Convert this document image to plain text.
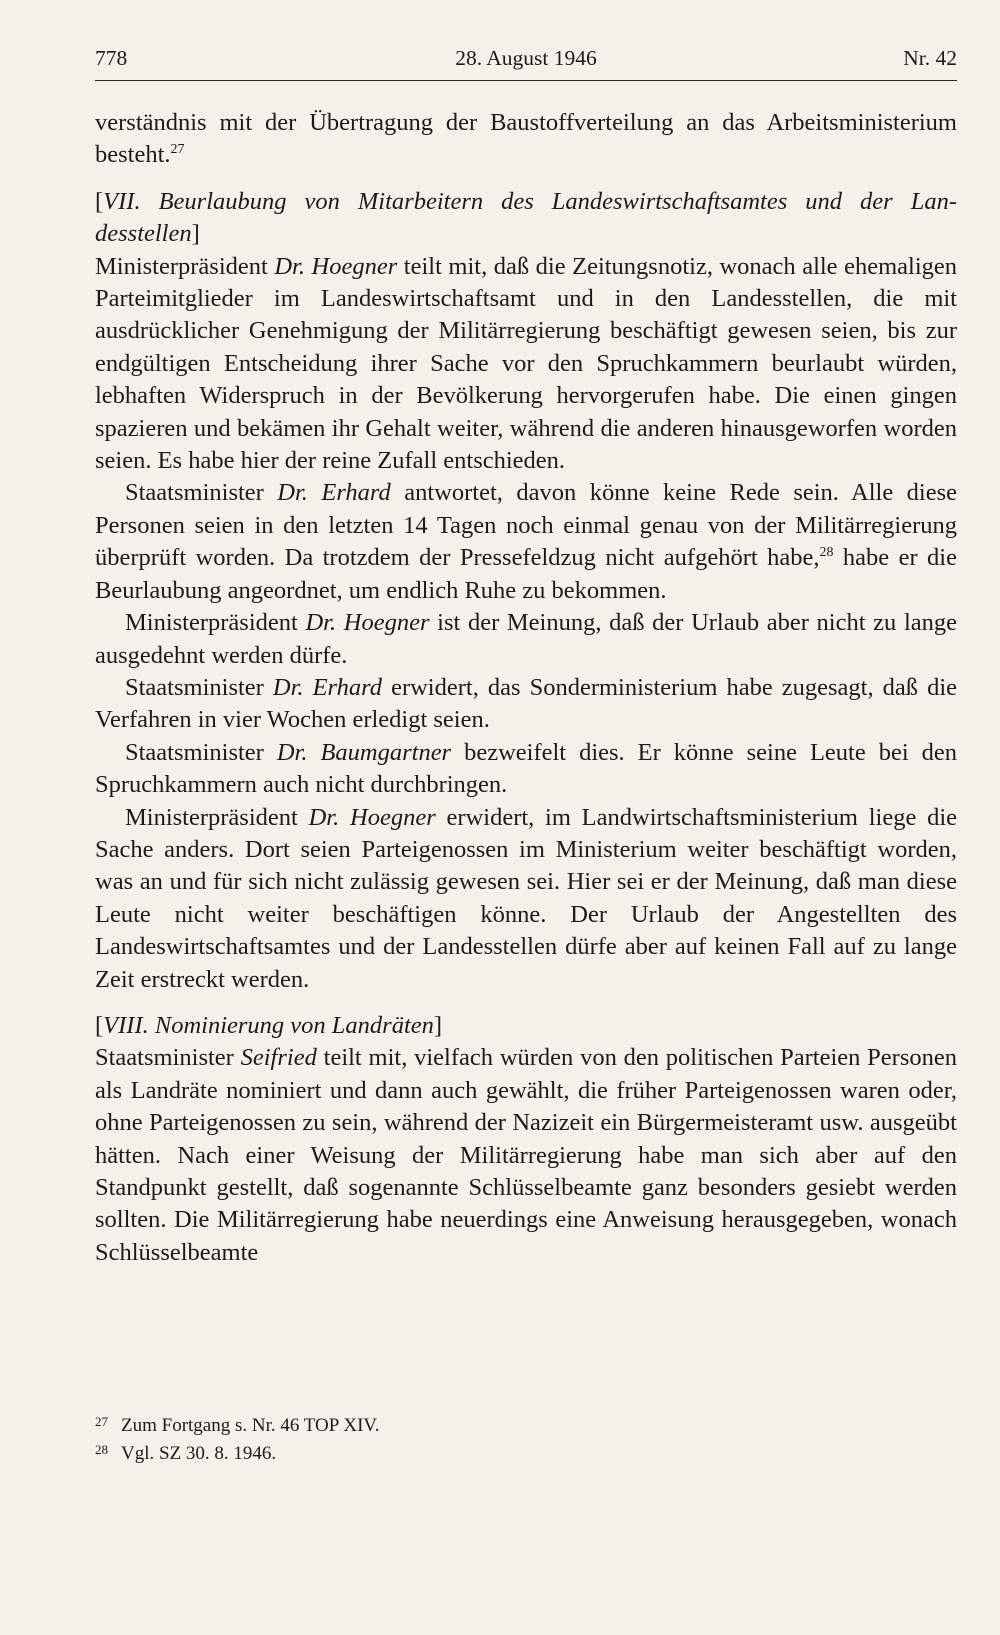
778	28. August 1946	Nr. 42

verständnis mit der Übertragung der Baustoffverteilung an das Arbeitsministerium besteht.$^{27}$

[VII. Beurlaubung von Mitarbeitern des Landeswirtschaftsamtes und der Landesstellen]

Ministerpräsident Dr. Hoegner teilt mit, daß die Zeitungsnotiz, wonach alle ehemaligen Parteimitglieder im Landeswirtschaftsamt und in den Landesstellen, die mit ausdrücklicher Genehmigung der Militärregierung beschäftigt gewesen seien, bis zur endgültigen Entscheidung ihrer Sache vor den Spruchkammern beurlaubt würden, lebhaften Widerspruch in der Bevölkerung hervorgerufen habe. Die einen gingen spazieren und bekämen ihr Gehalt weiter, während die anderen hinausgeworfen worden seien. Es habe hier der reine Zufall entschieden.

Staatsminister Dr. Erhard antwortet, davon könne keine Rede sein. Alle diese Personen seien in den letzten 14 Tagen noch einmal genau von der Militärregierung überprüft worden. Da trotzdem der Pressefeldzug nicht aufgehört habe,$^{28}$ habe er die Beurlaubung angeordnet, um endlich Ruhe zu bekommen.

Ministerpräsident Dr. Hoegner ist der Meinung, daß der Urlaub aber nicht zu lange ausgedehnt werden dürfe.

Staatsminister Dr. Erhard erwidert, das Sonderministerium habe zugesagt, daß die Verfahren in vier Wochen erledigt seien.

Staatsminister Dr. Baumgartner bezweifelt dies. Er könne seine Leute bei den Spruchkammern auch nicht durchbringen.

Ministerpräsident Dr. Hoegner erwidert, im Landwirtschaftsministerium liege die Sache anders. Dort seien Parteigenossen im Ministerium weiter beschäftigt worden, was an und für sich nicht zulässig gewesen sei. Hier sei er der Meinung, daß man diese Leute nicht weiter beschäftigen könne. Der Urlaub der Angestellten des Landeswirtschaftsamtes und der Landesstellen dürfe aber auf keinen Fall auf zu lange Zeit erstreckt werden.

[VIII. Nominierung von Landräten]

Staatsminister Seifried teilt mit, vielfach würden von den politischen Parteien Personen als Landräte nominiert und dann auch gewählt, die früher Parteigenossen waren oder, ohne Parteigenossen zu sein, während der Nazizeit ein Bürgermeisteramt usw. ausgeübt hätten. Nach einer Weisung der Militärregierung habe man sich aber auf den Standpunkt gestellt, daß sogenannte Schlüsselbeamte ganz besonders gesiebt werden sollten. Die Militärregierung habe neuerdings eine Anweisung herausgegeben, wonach Schlüsselbeamte

27 Zum Fortgang s. Nr. 46 TOP XIV.
28 Vgl. SZ 30. 8. 1946.
